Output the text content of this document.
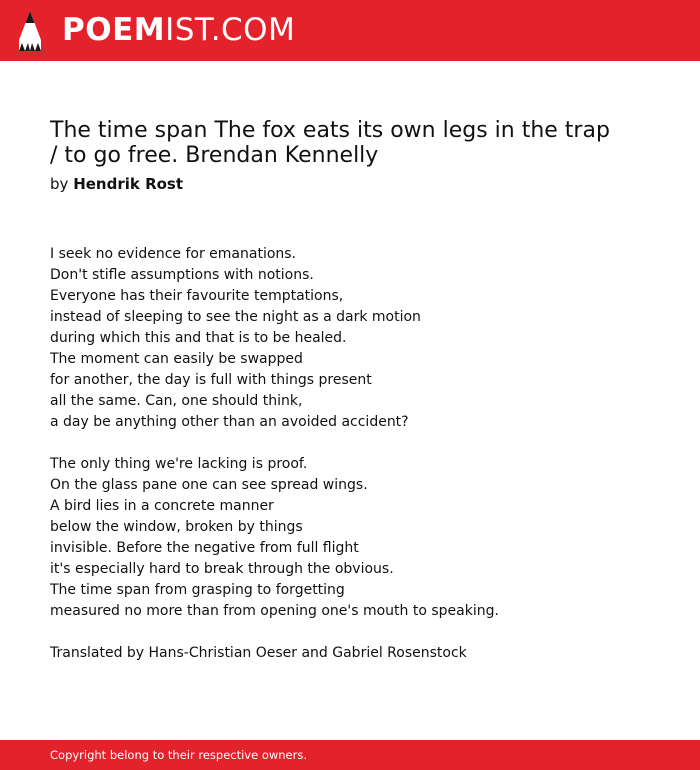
POEMIST.COM
The time span The fox eats its own legs in the trap / to go free. Brendan Kennelly
by Hendrik Rost
I seek no evidence for emanations.
Don't stifle assumptions with notions.
Everyone has their favourite temptations,
instead of sleeping to see the night as a dark motion
during which this and that is to be healed.
The moment can easily be swapped
for another, the day is full with things present
all the same. Can, one should think,
a day be anything other than an avoided accident?
The only thing we're lacking is proof.
On the glass pane one can see spread wings.
A bird lies in a concrete manner
below the window, broken by things
invisible. Before the negative from full flight
it's especially hard to break through the obvious.
The time span from grasping to forgetting
measured no more than from opening one's mouth to speaking.
Translated by Hans-Christian Oeser and Gabriel Rosenstock
Copyright belong to their respective owners.
